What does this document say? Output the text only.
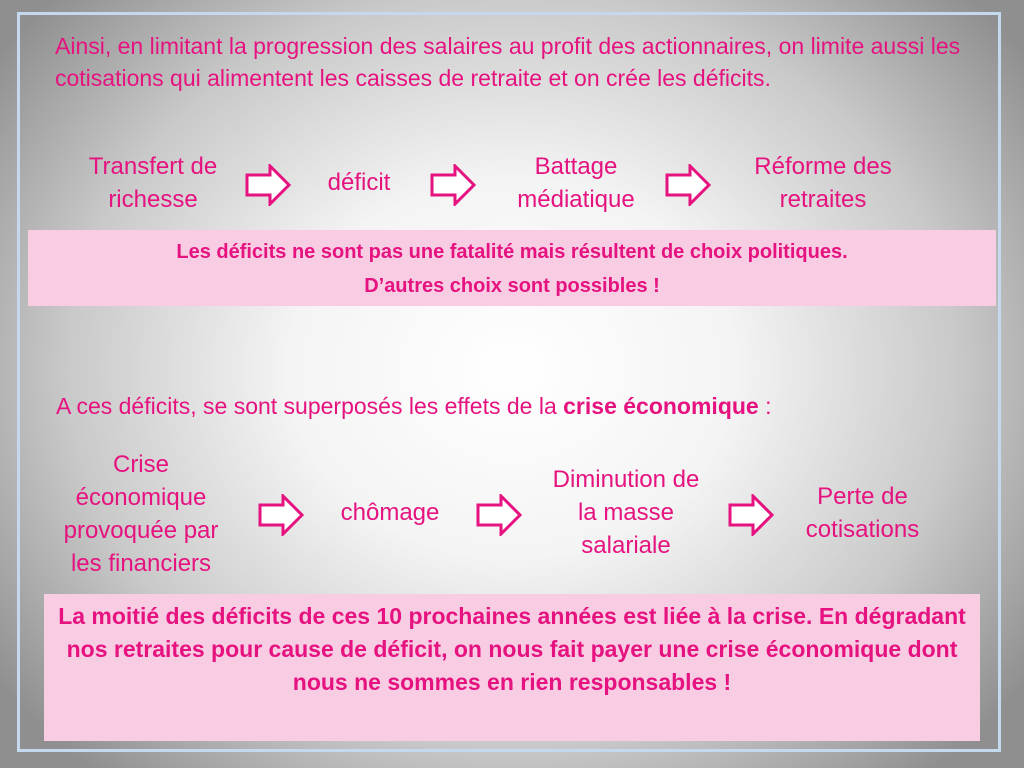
Ainsi, en limitant la progression des salaires au profit des actionnaires, on limite aussi les cotisations qui alimentent les caisses de retraite et on crée les déficits.

Transfert de richesse
déficit
Battage médiatique
Réforme des retraites
Les déficits ne sont pas une fatalité mais résultent de choix politiques.
D’autres choix sont possibles !

A ces déficits, se sont superposés les effets de la crise économique :

Crise économique provoquée par les financiers
chômage
Diminution de la masse salariale
Perte de cotisations
La moitié des déficits de ces 10 prochaines années est liée à la crise. En dégradant nos retraites pour cause de déficit, on nous fait payer une crise économique dont nous ne sommes en rien responsables !
